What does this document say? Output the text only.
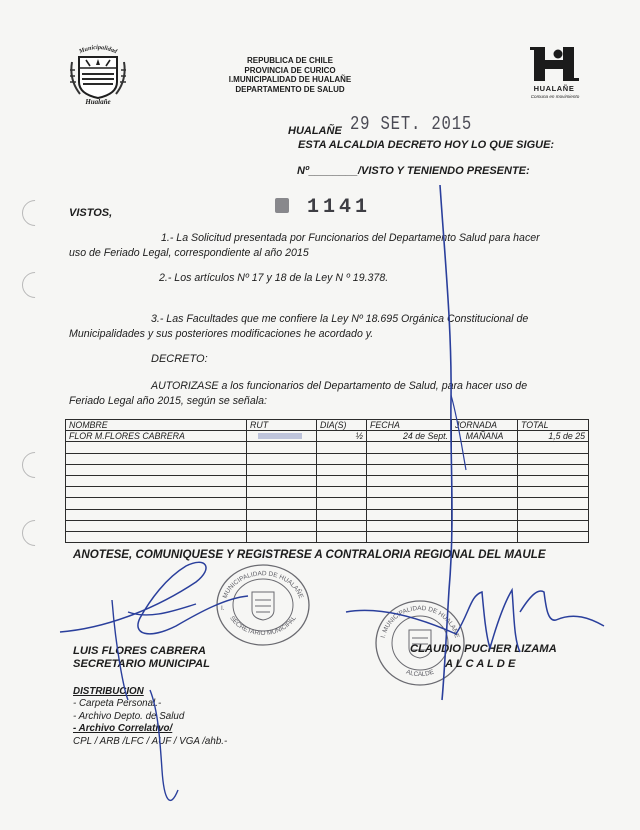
Municipalidad
Hualañe
REPUBLICA DE CHILE
PROVINCIA DE CURICO
I.MUNICIPALIDAD DE HUALAÑE
DEPARTAMENTO DE SALUD	HUALAÑE
Comuna en movimiento
HUALAÑE 29 SET. 2015
ESTA ALCALDIA DECRETO HOY LO QUE SIGUE:
Nº________/VISTO Y TENIENDO PRESENTE:
1141
VISTOS,
1.- La Solicitud presentada por Funcionarios del Departamento Salud para hacer
uso de Feriado Legal, correspondiente al año 2015
2.- Los artículos Nº 17 y 18 de la Ley N º 19.378.
3.- Las Facultades que me confiere la Ley Nº 18.695 Orgánica Constitucional de
Municipalidades y sus posteriores modificaciones he acordado y.
DECRETO:
AUTORIZASE a los funcionarios del Departamento de Salud, para hacer uso de
Feriado Legal año 2015, según se señala:
NOMBRE	RUT	DIA(S)	FECHA	JORNADA	TOTAL
FLOR M.FLORES CABRERA		½	24 de Sept.	MAÑANA	1,5 de 25

ANOTESE, COMUNIQUESE Y REGISTRESE A CONTRALORIA REGIONAL DEL MAULE
MUNICIPALIDAD DE HUALAÑE
SECRETARIO MUNICIPAL
I.
I. MUNICIPALIDAD DE HUALAÑE
ALCALDE
LUIS FLORES CABRERA
SECRETARIO MUNICIPAL
CLAUDIO PUCHER LIZAMA
A L C A L D E
DISTRIBUCION
- Carpeta Personal.-
- Archivo Depto. de Salud
- Archivo Correlativo/
CPL / ARB /LFC / AUF / VGA /ahb.-
